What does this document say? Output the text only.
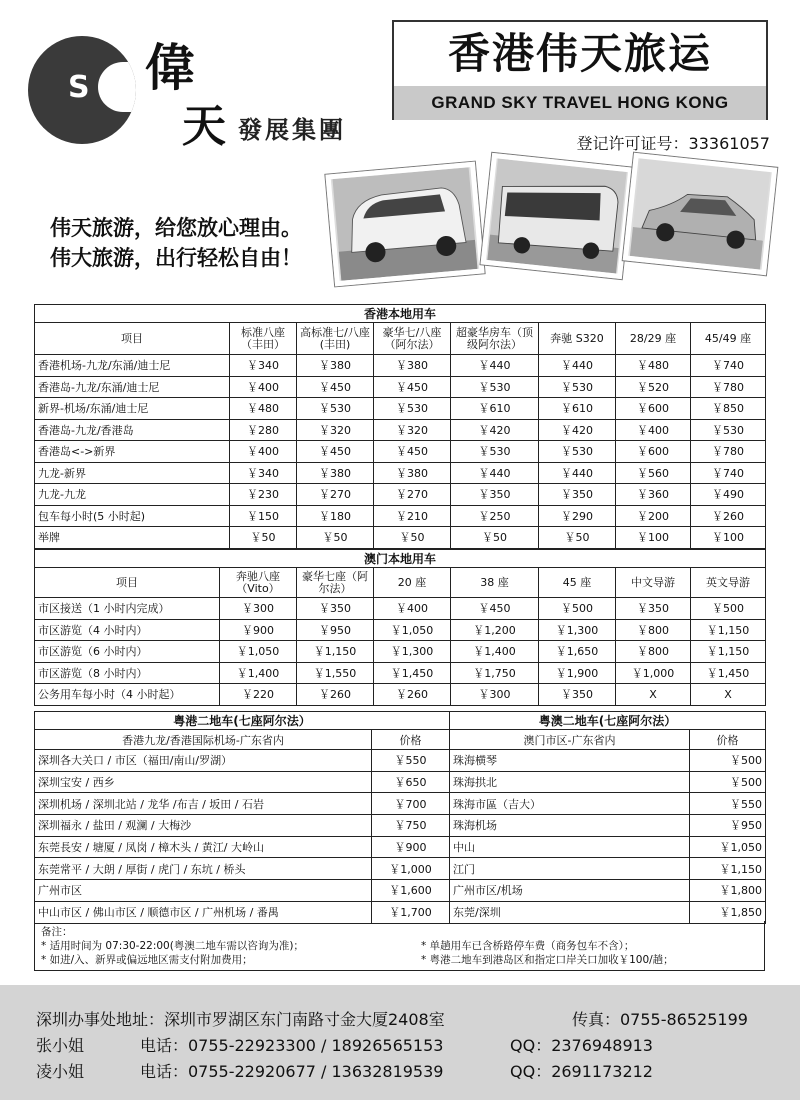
S 偉
天 發展集團
香港伟天旅运
GRAND SKY TRAVEL HONG KONG
登记许可证号：33361057
伟天旅游，给您放心理由。
伟大旅游，出行轻松自由！
香港本地用车							
项目	标准八座（丰田）	高标准七/八座(丰田)	豪华七/八座（阿尔法）	超豪华房车（顶级阿尔法）	奔驰 S320	28/29 座	45/49 座
香港机场-九龙/东涌/迪士尼	￥340	￥380	￥380	￥440	￥440	￥480	￥740
香港岛-九龙/东涌/迪士尼	￥400	￥450	￥450	￥530	￥530	￥520	￥780
新界-机场/东涌/迪士尼	￥480	￥530	￥530	￥610	￥610	￥600	￥850
香港岛-九龙/香港岛	￥280	￥320	￥320	￥420	￥420	￥400	￥530
香港岛<->新界	￥400	￥450	￥450	￥530	￥530	￥600	￥780
九龙-新界	￥340	￥380	￥380	￥440	￥440	￥560	￥740
九龙-九龙	￥230	￥270	￥270	￥350	￥350	￥360	￥490
包车每小时(5 小时起)	￥150	￥180	￥210	￥250	￥290	￥200	￥260
举牌	￥50	￥50	￥50	￥50	￥50	￥100	￥100
澳门本地用车							
项目	奔驰八座（Vito）	豪华七座（阿尔法）	20 座	38 座	45 座	中文导游	英文导游
市区接送（1 小时内完成）	￥300	￥350	￥400	￥450	￥500	￥350	￥500
市区游览（4 小时内）	￥900	￥950	￥1,050	￥1,200	￥1,300	￥800	￥1,150
市区游览（6 小时内）	￥1,050	￥1,150	￥1,300	￥1,400	￥1,650	￥800	￥1,150
市区游览（8 小时内）	￥1,400	￥1,550	￥1,450	￥1,750	￥1,900	￥1,000	￥1,450
公务用车每小时（4 小时起）	￥220	￥260	￥260	￥300	￥350	X	X
粤港二地车(七座阿尔法）		粤澳二地车(七座阿尔法）	
香港九龙/香港国际机场-广东省内	价格	澳门市区-广东省内	价格
深圳各大关口 / 市区（福田/南山/罗湖）	￥550	珠海横琴	￥500
深圳宝安 / 西乡	￥650	珠海拱北	￥500
深圳机场 / 深圳北站 / 龙华 /布吉 / 坂田 / 石岩	￥700	珠海市區（吉大）	￥550
深圳福永 / 盐田 / 观澜 / 大梅沙	￥750	珠海机场	￥950
东莞長安 / 塘厦 / 凤岗 / 樟木头 / 黄江/ 大岭山	￥900	中山	￥1,050
东莞常平 / 大朗 / 厚街 / 虎门 / 东坑 / 桥头	￥1,000	江门	￥1,150
广州市区	￥1,600	广州市区/机场	￥1,800
中山市区 / 佛山市区 / 顺德市区 / 广州机场 / 番禺	￥1,700	东莞/深圳	￥1,850
备注：
* 适用时间为 07:30-22:00(粤澳二地车需以咨询为准)；	* 单趟用车已含桥路停车费（商务包车不含）；
* 如进/入、新界或偏远地区需支付附加费用；	* 粤港二地车到港岛区和指定口岸关口加收￥100/趟；
深圳办事处地址：深圳市罗湖区东门南路寸金大厦2408室	传真：0755-86525199
张小姐	电话：0755-22923300 / 18926565153	QQ：2376948913
凌小姐	电话：0755-22920677 / 13632819539	QQ：2691173212
